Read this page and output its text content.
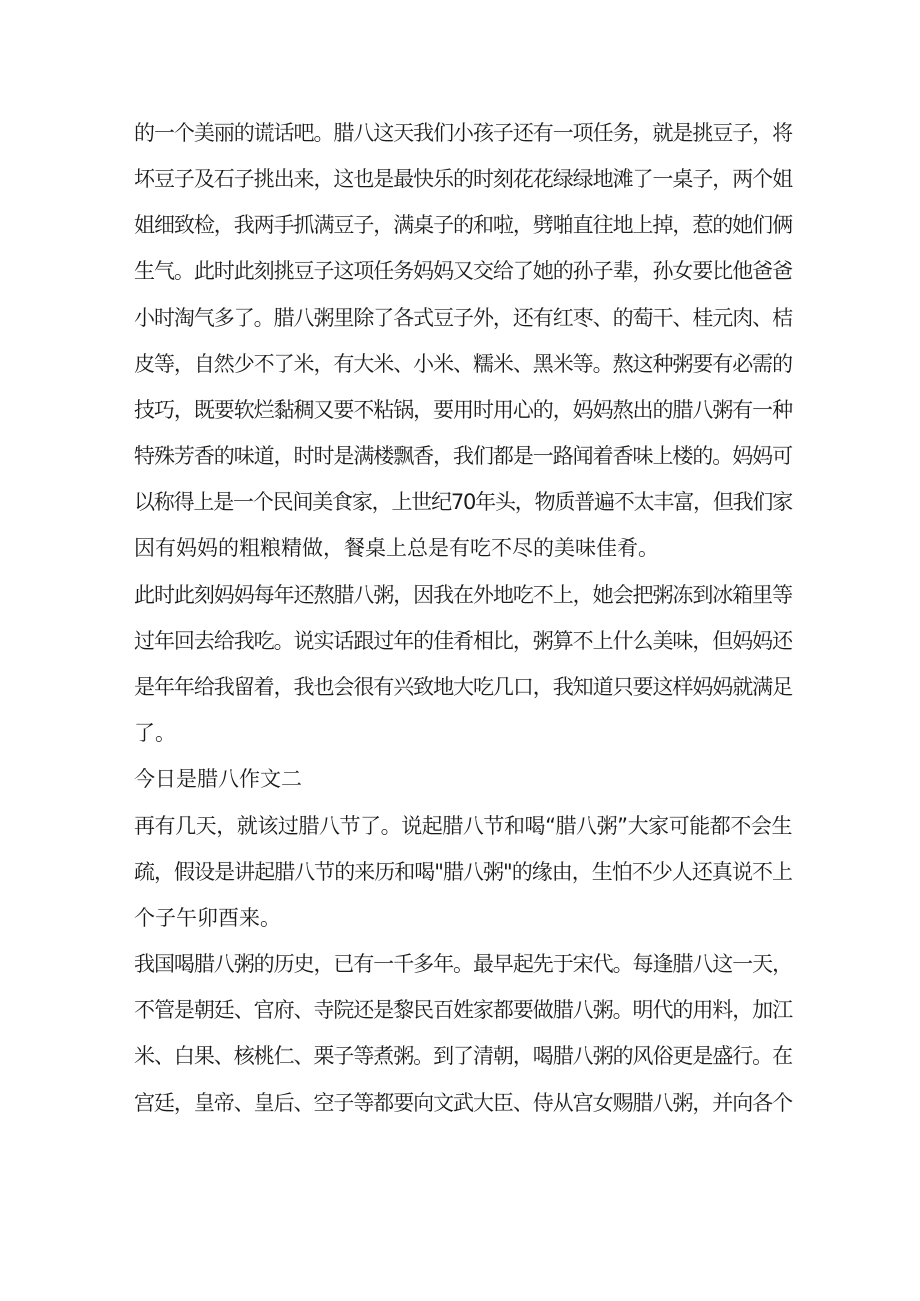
的一个美丽的谎话吧。腊八这天我们小孩子还有一项任务，就是挑豆子，将
坏豆子及石子挑出来，这也是最快乐的时刻花花绿绿地滩了一桌子，两个姐
姐细致检，我两手抓满豆子，满桌子的和啦，劈啪直往地上掉，惹的她们俩
生气。此时此刻挑豆子这项任务妈妈又交给了她的孙子辈，孙女要比他爸爸
小时淘气多了。腊八粥里除了各式豆子外，还有红枣、的萄干、桂元肉、桔
皮等，自然少不了米，有大米、小米、糯米、黑米等。熬这种粥要有必需的
技巧，既要软烂黏稠又要不粘锅，要用时用心的，妈妈熬出的腊八粥有一种
特殊芳香的味道，时时是满楼飘香，我们都是一路闻着香味上楼的。妈妈可
以称得上是一个民间美食家，上世纪70年头，物质普遍不太丰富，但我们家
因有妈妈的粗粮精做，餐桌上总是有吃不尽的美味佳肴。
此时此刻妈妈每年还熬腊八粥，因我在外地吃不上，她会把粥冻到冰箱里等
过年回去给我吃。说实话跟过年的佳肴相比，粥算不上什么美味，但妈妈还
是年年给我留着，我也会很有兴致地大吃几口，我知道只要这样妈妈就满足
了。
今日是腊八作文二
再有几天，就该过腊八节了。说起腊八节和喝“腊八粥”大家可能都不会生
疏，假设是讲起腊八节的来历和喝"腊八粥"的缘由，生怕不少人还真说不上
个子午卯酉来。
我国喝腊八粥的历史，已有一千多年。最早起先于宋代。每逢腊八这一天，
不管是朝廷、官府、寺院还是黎民百姓家都要做腊八粥。明代的用料，加江
米、白果、核桃仁、栗子等煮粥。到了清朝，喝腊八粥的风俗更是盛行。在
宫廷，皇帝、皇后、空子等都要向文武大臣、侍从宫女赐腊八粥，并向各个
